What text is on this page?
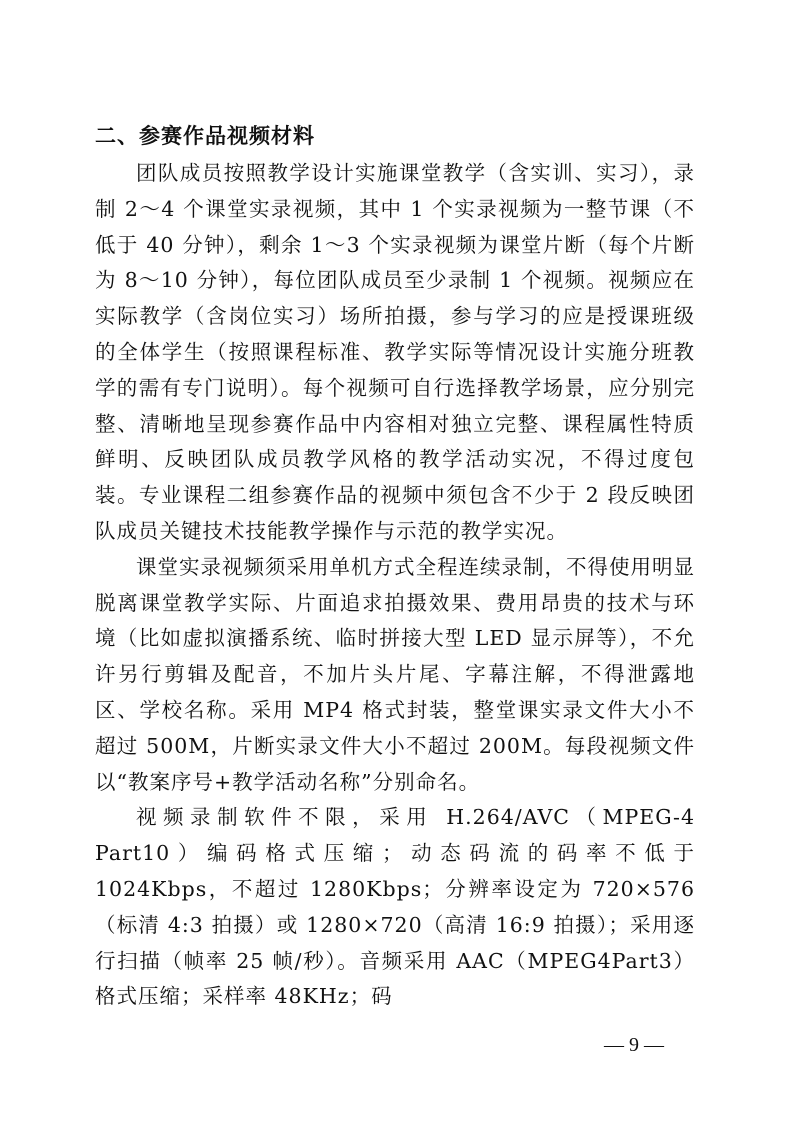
二、参赛作品视频材料

团队成员按照教学设计实施课堂教学（含实训、实习），录制 2～4 个课堂实录视频，其中 1 个实录视频为一整节课（不低于 40 分钟），剩余 1～3 个实录视频为课堂片断（每个片断为 8～10 分钟），每位团队成员至少录制 1 个视频。视频应在实际教学（含岗位实习）场所拍摄，参与学习的应是授课班级的全体学生（按照课程标准、教学实际等情况设计实施分班教学的需有专门说明）。每个视频可自行选择教学场景，应分别完整、清晰地呈现参赛作品中内容相对独立完整、课程属性特质鲜明、反映团队成员教学风格的教学活动实况，不得过度包装。专业课程二组参赛作品的视频中须包含不少于 2 段反映团队成员关键技术技能教学操作与示范的教学实况。

课堂实录视频须采用单机方式全程连续录制，不得使用明显脱离课堂教学实际、片面追求拍摄效果、费用昂贵的技术与环境（比如虚拟演播系统、临时拼接大型 LED 显示屏等），不允许另行剪辑及配音，不加片头片尾、字幕注解，不得泄露地区、学校名称。采用 MP4 格式封装，整堂课实录文件大小不超过 500M，片断实录文件大小不超过 200M。每段视频文件以“教案序号+教学活动名称”分别命名。

视频录制软件不限，采用 H.264/AVC（MPEG-4 Part10）编码格式压缩；动态码流的码率不低于 1024Kbps，不超过 1280Kbps；分辨率设定为 720×576（标清 4:3 拍摄）或 1280×720（高清 16:9 拍摄）；采用逐行扫描（帧率 25 帧/秒）。音频采用 AAC（MPEG4Part3）格式压缩；采样率 48KHz；码

— 9 —
